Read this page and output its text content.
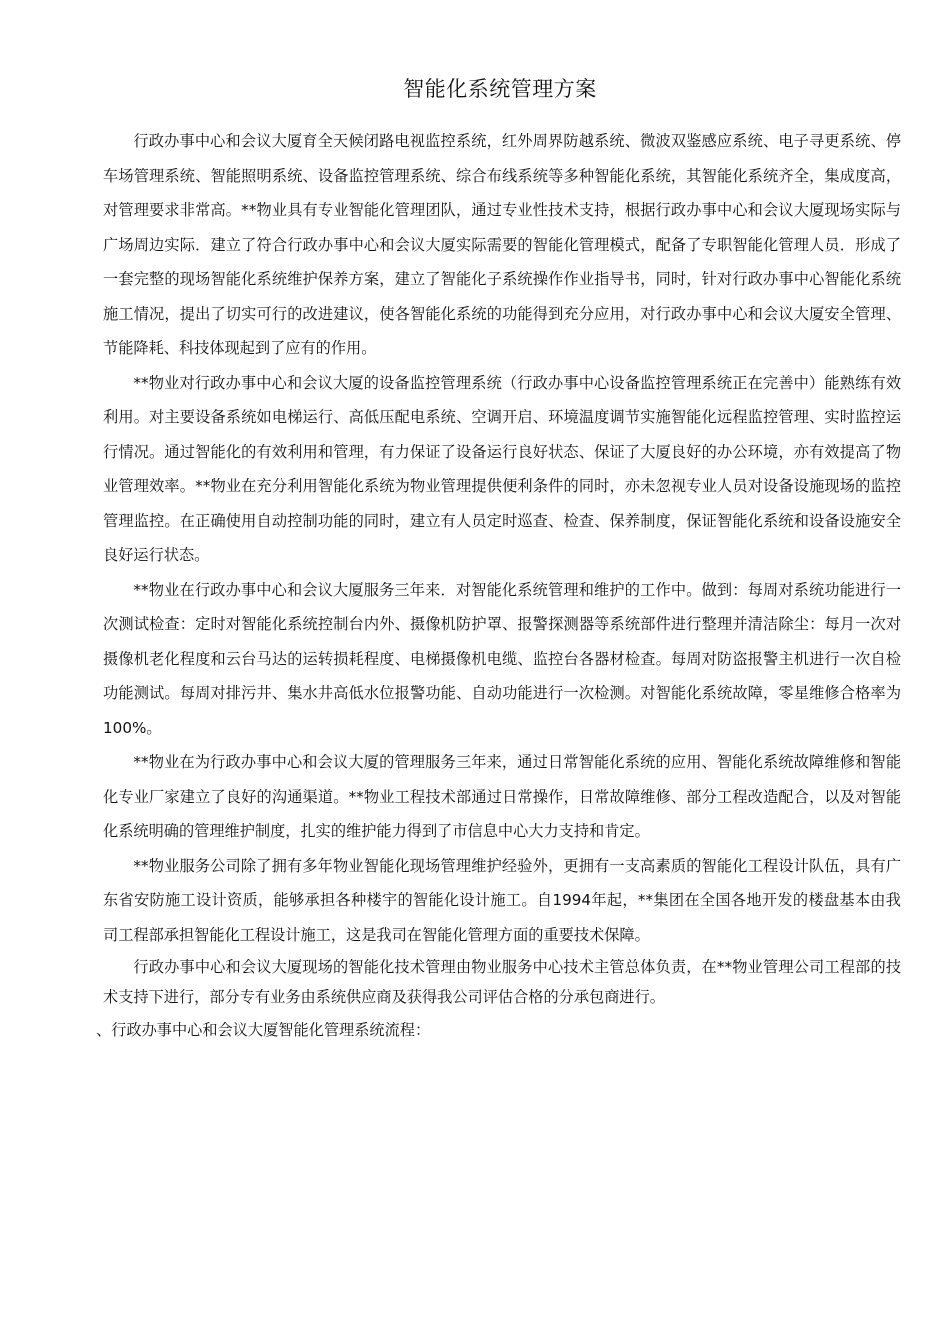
智能化系统管理方案

行政办事中心和会议大厦育全天候闭路电视监控系统，红外周界防越系统、微波双鉴感应系统、电子寻更系统、停车场管理系统、智能照明系统、设备监控管理系统、综合布线系统等多种智能化系统，其智能化系统齐全，集成度高，对管理要求非常高。**物业具有专业智能化管理团队，通过专业性技术支持，根据行政办事中心和会议大厦现场实际与广场周边实际．建立了符合行政办事中心和会议大厦实际需要的智能化管理模式，配备了专职智能化管理人员．形成了一套完整的现场智能化系统维护保养方案，建立了智能化子系统操作作业指导书，同时，针对行政办事中心智能化系统施工情况，提出了切实可行的改进建议，使各智能化系统的功能得到充分应用，对行政办事中心和会议大厦安全管理、节能降耗、科技体现起到了应有的作用。

**物业对行政办事中心和会议大厦的设备监控管理系统（行政办事中心设备监控管理系统正在完善中）能熟练有效利用。对主要设备系统如电梯运行、高低压配电系统、空调开启、环境温度调节实施智能化远程监控管理、实时监控运行情况。通过智能化的有效利用和管理，有力保证了设备运行良好状态、保证了大厦良好的办公环境，亦有效提高了物业管理效率。**物业在充分利用智能化系统为物业管理提供便利条件的同时，亦未忽视专业人员对设备设施现场的监控管理监控。在正确使用自动控制功能的同时，建立有人员定时巡查、检查、保养制度，保证智能化系统和设备设施安全良好运行状态。

**物业在行政办事中心和会议大厦服务三年来．对智能化系统管理和维护的工作中。做到：每周对系统功能进行一次测试检查：定时对智能化系统控制台内外、摄像机防护罩、报警探测器等系统部件进行整理并清洁除尘：每月一次对摄像机老化程度和云台马达的运转损耗程度、电梯摄像机电缆、监控台各器材检查。每周对防盗报警主机进行一次自检功能测试。每周对排污井、集水井高低水位报警功能、自动功能进行一次检测。对智能化系统故障，零星维修合格率为100%。

**物业在为行政办事中心和会议大厦的管理服务三年来，通过日常智能化系统的应用、智能化系统故障维修和智能化专业厂家建立了良好的沟通渠道。**物业工程技术部通过日常操作，日常故障维修、部分工程改造配合，以及对智能化系统明确的管理维护制度，扎实的维护能力得到了市信息中心大力支持和肯定。

**物业服务公司除了拥有多年物业智能化现场管理维护经验外，更拥有一支高素质的智能化工程设计队伍，具有广东省安防施工设计资质，能够承担各种楼宇的智能化设计施工。自1994年起，**集团在全国各地开发的楼盘基本由我司工程部承担智能化工程设计施工，这是我司在智能化管理方面的重要技术保障。

行政办事中心和会议大厦现场的智能化技术管理由物业服务中心技术主管总体负责，在**物业管理公司工程部的技术支持下进行，部分专有业务由系统供应商及获得我公司评估合格的分承包商进行。

、行政办事中心和会议大厦智能化管理系统流程：
